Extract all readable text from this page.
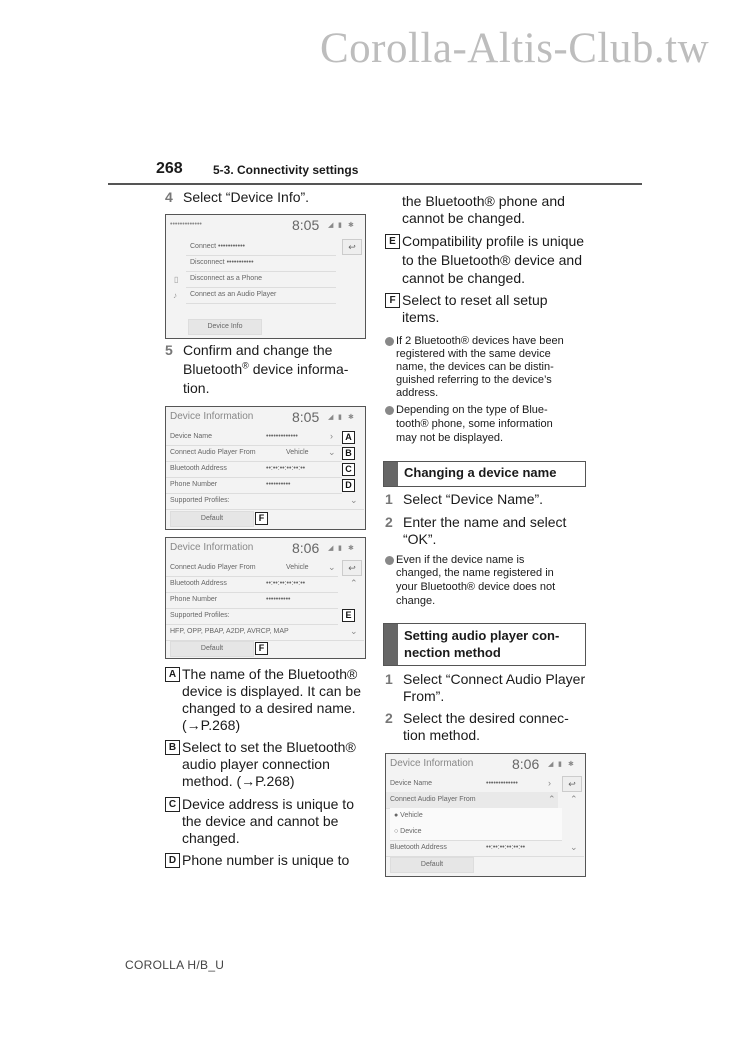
Corolla-Altis-Club.tw
268	5-3. Connectivity settings
4 Select “Device Info”.
•••••••••••••	8:05 ◢ ▮ ✱
↩
Connect •••••••••••
Disconnect •••••••••••
Disconnect as a Phone
Connect as an Audio Player
▯
♪
Device Info
5 Confirm and change the
Bluetooth® device informa-
tion.
Device Information	8:05 ◢ ▮ ✱
Device Name	•••••••••••••	›
Connect Audio Player From	Vehicle ⌄
Bluetooth Address	••:••:••:••:••:••
Phone Number	••••••••••
Supported Profiles:	⌄
A
B
C
D
Default	F
Device Information	8:06 ◢ ▮ ✱
↩
Connect Audio Player From	Vehicle ⌄
Bluetooth Address	••:••:••:••:••:••	⌃
Phone Number	••••••••••
Supported Profiles:
HFP, OPP, PBAP, A2DP, AVRCP, MAP	⌄
E
Default	F
A The name of the Bluetooth®
device is displayed. It can be
changed to a desired name.
(→P.268)
B Select to set the Bluetooth®
audio player connection
method. (→P.268)
C Device address is unique to
the device and cannot be
changed.
D Phone number is unique to
the Bluetooth® phone and
cannot be changed.
E Compatibility profile is unique
to the Bluetooth® device and
cannot be changed.
F Select to reset all setup
items.
If 2 Bluetooth® devices have been
registered with the same device
name, the devices can be distin-
guished referring to the device’s
address.
Depending on the type of Blue-
tooth® phone, some information
may not be displayed.
Changing a device name
1 Select “Device Name”.
2 Enter the name and select
“OK”.
Even if the device name is
changed, the name registered in
your Bluetooth® device does not
change.
Setting audio player con-
nection method
1 Select “Connect Audio Player
From”.
2 Select the desired connec-
tion method.
Device Information	8:06 ◢ ▮ ✱
↩
Device Name	•••••••••••••	›
Connect Audio Player From	⌃ ⌃
● Vehicle
○ Device
Bluetooth Address	••:••:••:••:••:••	⌄
Default
COROLLA H/B_U
